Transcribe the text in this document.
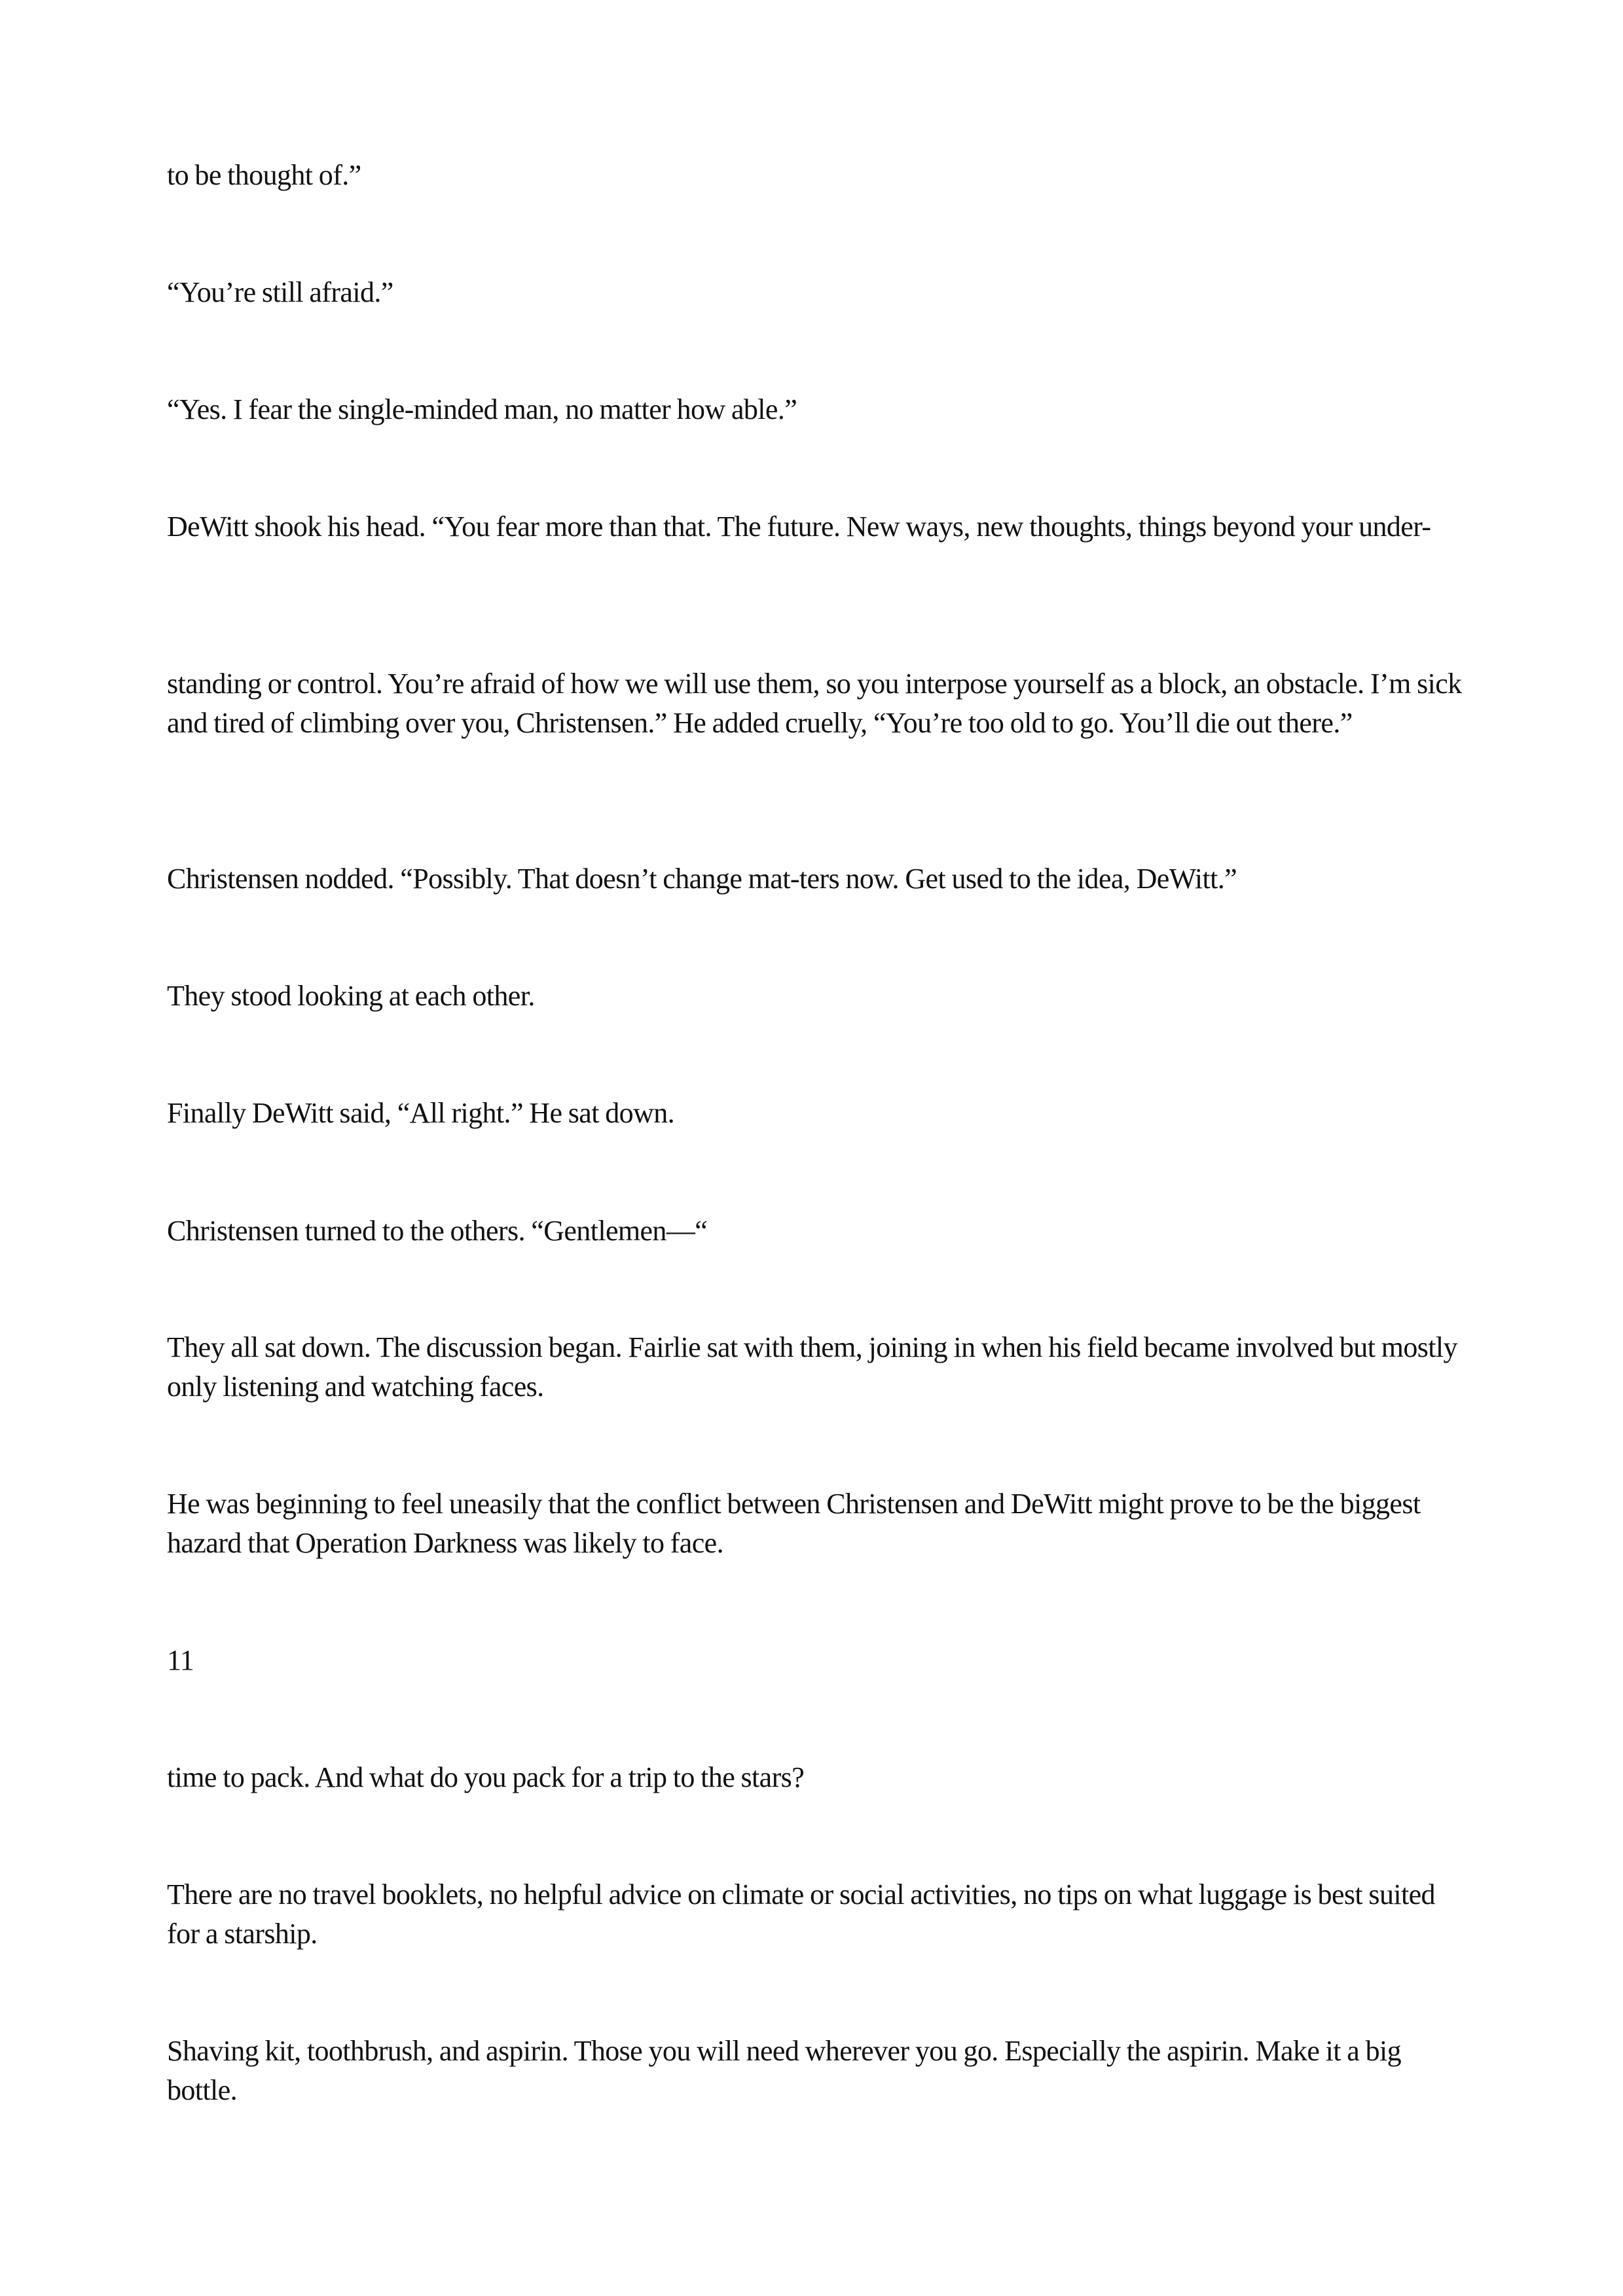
to be thought of.”

“You’re still afraid.”

“Yes. I fear the single-minded man, no matter how able.”

DeWitt shook his head. “You fear more than that. The future. New ways, new thoughts, things beyond your under-

standing or control. You’re afraid of how we will use them, so you interpose yourself as a block, an obstacle. I’m sick and tired of climbing over you, Christensen.” He added cruelly, “You’re too old to go. You’ll die out there.”

Christensen nodded. “Possibly. That doesn’t change mat-ters now. Get used to the idea, DeWitt.”

They stood looking at each other.

Finally DeWitt said, “All right.” He sat down.

Christensen turned to the others. “Gentlemen—“

They all sat down. The discussion began. Fairlie sat with them, joining in when his field became involved but mostly only listening and watching faces.

He was beginning to feel uneasily that the conflict between Christensen and DeWitt might prove to be the biggest hazard that Operation Darkness was likely to face.

11

time to pack. And what do you pack for a trip to the stars?

There are no travel booklets, no helpful advice on climate or social activities, no tips on what luggage is best suited for a starship.

Shaving kit, toothbrush, and aspirin. Those you will need wherever you go. Especially the aspirin. Make it a big bottle.
